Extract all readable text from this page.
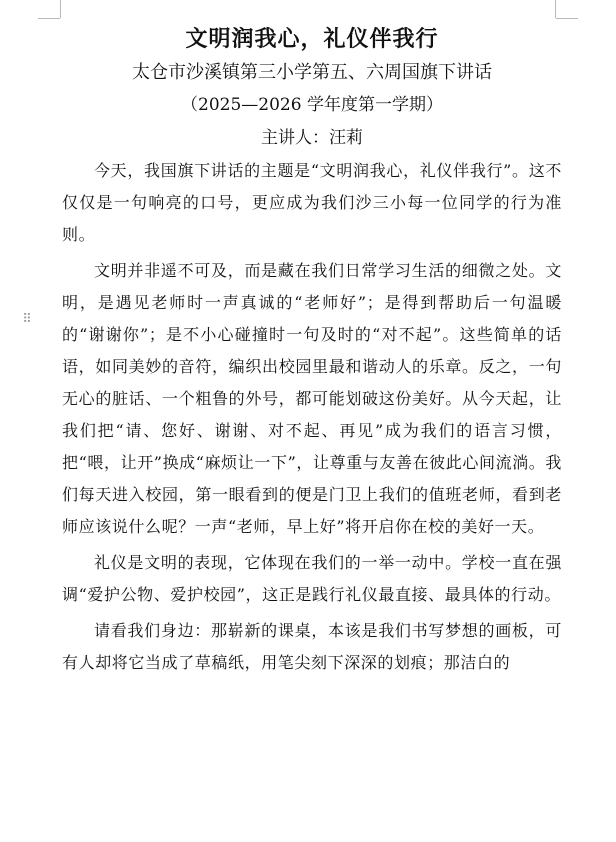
⠿
文明润我心，礼仪伴我行

太仓市沙溪镇第三小学第五、六周国旗下讲话

（2025—2026 学年度第一学期）

主讲人：汪莉

今天，我国旗下讲话的主题是“文明润我心，礼仪伴我行”。这不仅仅是一句响亮的口号，更应成为我们沙三小每一位同学的行为准则。

文明并非遥不可及，而是藏在我们日常学习生活的细微之处。文明，是遇见老师时一声真诚的“老师好”；是得到帮助后一句温暖的“谢谢你”；是不小心碰撞时一句及时的“对不起”。这些简单的话语，如同美妙的音符，编织出校园里最和谐动人的乐章。反之，一句无心的脏话、一个粗鲁的外号，都可能划破这份美好。从今天起，让我们把“请、您好、谢谢、对不起、再见”成为我们的语言习惯，把“喂，让开”换成“麻烦让一下”，让尊重与友善在彼此心间流淌。我们每天进入校园，第一眼看到的便是门卫上我们的值班老师，看到老师应该说什么呢？一声“老师，早上好”将开启你在校的美好一天。

礼仪是文明的表现，它体现在我们的一举一动中。学校一直在强调“爱护公物、爱护校园”，这正是践行礼仪最直接、最具体的行动。

请看我们身边：那崭新的课桌，本该是我们书写梦想的画板，可有人却将它当成了草稿纸，用笔尖刻下深深的划痕；那洁白的
